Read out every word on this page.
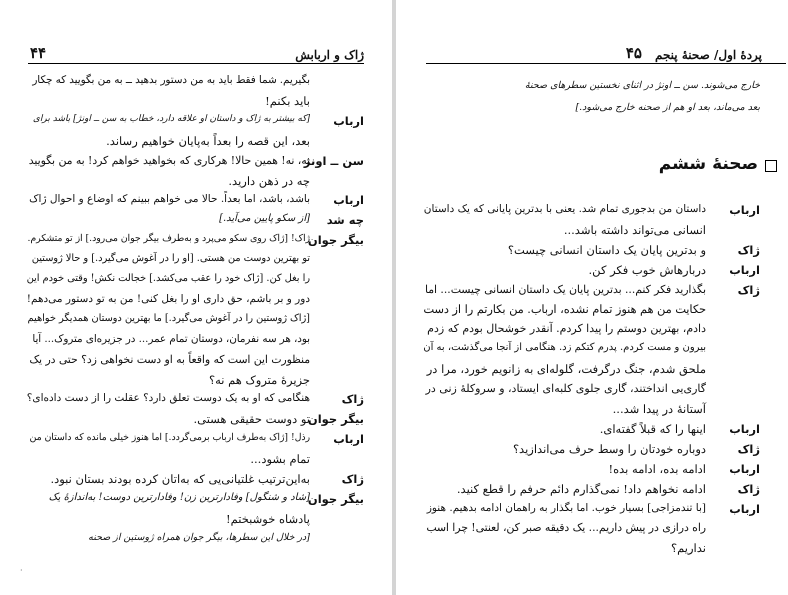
ژاک و اربابش
۴۴
بگیریم. شما فقط باید به من دستور بدهید ــ به من بگویید که چکار
باید بکنم!
ارباب
[که بیشتر به ژاک و داستان او علاقه دارد، خطاب به سن ــ اونژ] باشد برای
بعد، این قصه را بعداً به‌پایان خواهیم رساند.
سن ــ اونژ
نه، نه! همین حالا! هرکاری که بخواهید خواهم کرد! به من بگویید
چه در ذهن دارید.
ارباب
باشد، باشد، اما بعداً. حالا می خواهم ببینم که اوضاع و احوال ژاک
چه شد
[از سکو پایین می‌آید.]
بیگر جوان
ژاک! [ژاک روی سکو می‌پرد و به‌طرف بیگر جوان می‌رود.] از تو متشکرم.
تو بهترین دوست من هستی. [او را در آغوش می‌گیرد.] و حالا ژوستین
را بغل کن. [ژاک خود را عقب می‌کشد.] خجالت نکش! وقتی خودم این
دور و بر باشم، حق داری او را بغل کنی! من به تو دستور می‌دهم!
[ژاک ژوستین را در آغوش می‌گیرد.] ما بهترین دوستان همدیگر خواهیم
بود، هر سه نفرمان، دوستان تمام عمر... در جزیره‌ای متروک... آیا
منظورت این است که واقعاً به او دست نخواهی زد؟ حتی در یک
جزیرهٔ متروک هم نه؟
ژاک
هنگامی که او به یک دوست تعلق دارد؟ عقلت را از دست داده‌ای؟
بیگر جوان
تو دوست حقیقی هستی.
ارباب
رذل! [ژاک به‌طرف ارباب برمی‌گردد.] اما هنوز خیلی مانده که داستان من
تمام بشود...
ژاک
به‌این‌ترتیب غلتیانی‌یی که به‌اتان کرده بودند بستان نبود.
بیگر جوان
[شاد و شنگول] وفادارترین زن! وفادارترین دوست! به‌اندازهٔ یک
پادشاه خوشبختم!
[در خلال این سطرها، بیگر جوان همراه ژوستین از صحنه
·
پردهٔ اول/ صحنهٔ پنجم
۴۵
خارج می‌شوند. سن ــ اونژ در اثنای نخستین سطرهای صحنهٔ
بعد می‌ماند، بعد او هم از صحنه خارج می‌شود.]
صحنهٔ ششم
ارباب
داستان من بدجوری تمام شد. یعنی با بدترین پایانی که یک داستان
انسانی می‌تواند داشته باشد...
ژاک
و بدترین پایان یک داستان انسانی چیست؟
ارباب
دربارهاش خوب فکر کن.
ژاک
بگذارید فکر کنم... بدترین پایان یک داستان انسانی چیست... اما
حکایت من هم هنوز تمام نشده، ارباب. من بکارتم را از دست
دادم، بهترین دوستم را پیدا کردم. آنقدر خوشحال بودم که زدم
بیرون و مست کردم. پدرم کتکم زد. هنگامی از آنجا می‌گذشت، به آن
ملحق شدم، جنگ درگرفت، گلوله‌ای به زانویم خورد، مرا در
گاری‌یی انداختند، گاری جلوی کلبه‌ای ایستاد، و سروکلهٔ زنی در
آستانهٔ در پیدا شد...
ارباب
اینها را که قبلاً گفته‌ای.
ژاک
دوباره خودتان را وسط حرف می‌اندازید؟
ارباب
ادامه بده، ادامه بده!
ژاک
ادامه نخواهم داد! نمی‌گذارم دائم حرفم را قطع کنید.
ارباب
[با تندمزاجی] بسیار خوب. اما بگذار به راهمان ادامه بدهیم. هنوز
راه درازی در پیش داریم... یک دقیقه صبر کن، لعنتی! چرا اسب
نداریم؟
